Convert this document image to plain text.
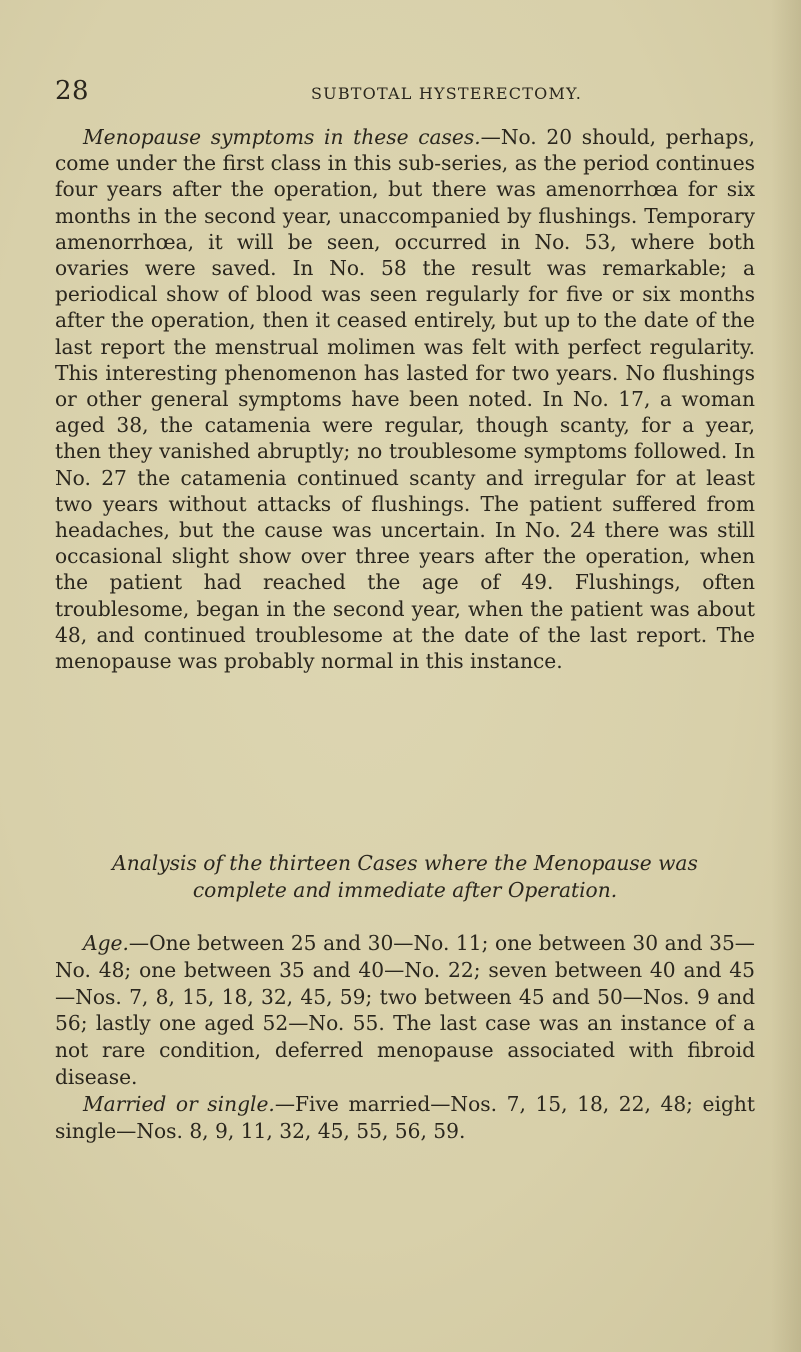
28	SUBTOTAL HYSTERECTOMY.

Menopause symptoms in these cases.—No. 20 should, perhaps, come under the first class in this sub-series, as the period continues four years after the operation, but there was amenorrhœa for six months in the second year, unaccompanied by flushings. Temporary amenorrhœa, it will be seen, occurred in No. 53, where both ovaries were saved. In No. 58 the result was remarkable; a periodical show of blood was seen regularly for five or six months after the operation, then it ceased entirely, but up to the date of the last report the menstrual molimen was felt with perfect regularity. This interesting phenomenon has lasted for two years. No flushings or other general symptoms have been noted. In No. 17, a woman aged 38, the catamenia were regular, though scanty, for a year, then they vanished abruptly; no troublesome symptoms followed. In No. 27 the catamenia continued scanty and irregular for at least two years without attacks of flushings. The patient suffered from headaches, but the cause was uncertain. In No. 24 there was still occasional slight show over three years after the operation, when the patient had reached the age of 49. Flushings, often troublesome, began in the second year, when the patient was about 48, and continued troublesome at the date of the last report. The menopause was probably normal in this instance.

Analysis of the thirteen Cases where the Menopause was
complete and immediate after Operation.

Age.—One between 25 and 30—No. 11; one between 30 and 35—No. 48; one between 35 and 40—No. 22; seven between 40 and 45—Nos. 7, 8, 15, 18, 32, 45, 59; two between 45 and 50—Nos. 9 and 56; lastly one aged 52—No. 55. The last case was an instance of a not rare condition, deferred menopause associated with fibroid disease.

Married or single.—Five married—Nos. 7, 15, 18, 22, 48; eight single—Nos. 8, 9, 11, 32, 45, 55, 56, 59.
